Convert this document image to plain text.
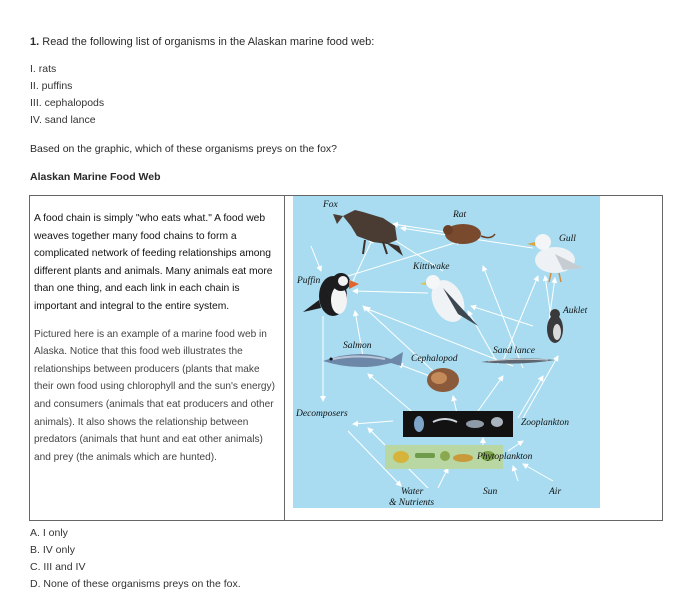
1. Read the following list of organisms in the Alaskan marine food web:
I. rats
II. puffins
III. cephalopods
IV. sand lance
Based on the graphic, which of these organisms preys on the fox?
Alaskan Marine Food Web

A food chain is simply "who eats what." A food web weaves together many food chains to form a complicated network of feeding relationships among different plants and animals. Many animals eat more than one thing, and each link in each chain is important and integral to the entire system.

Pictured here is an example of a marine food web in Alaska. Notice that this food web illustrates the relationships between producers (plants that make their own food using chlorophyll and the sun's energy) and consumers (animals that eat producers and other animals). It also shows the relationship between predators (animals that hunt and eat other animals) and prey (the animals which are hunted).

Fox
Rat
Gull
Kittiwake
Puffin
Auklet
Salmon	Sand lance
Cephalopod
Decomposers
Zooplankton
Phytoplankton
Water
& Nutrients
Sun	Air
A. I only
B. IV only
C. III and IV
D. None of these organisms preys on the fox.
